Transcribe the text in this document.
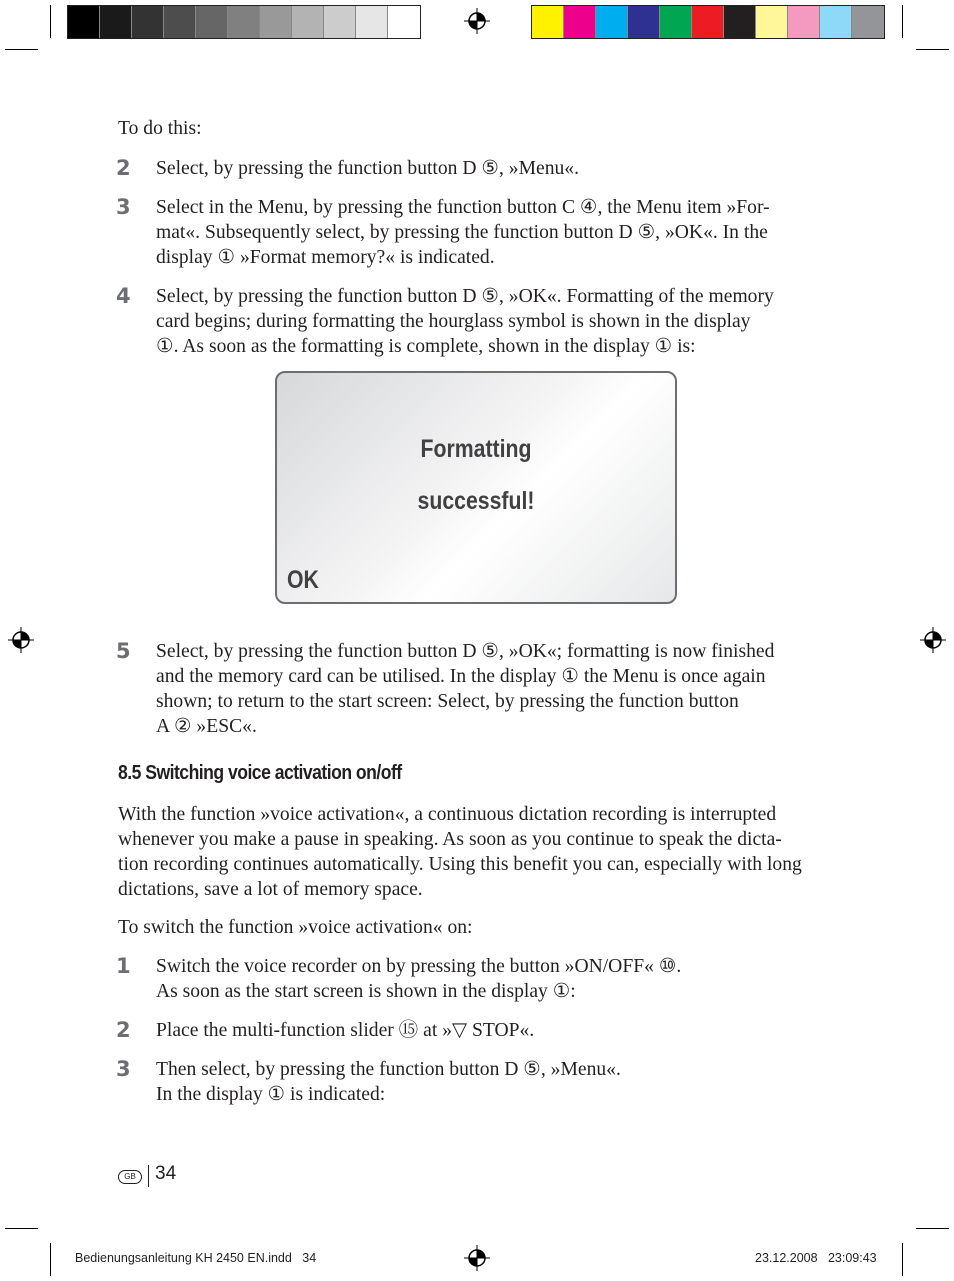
To do this:

2 Select, by pressing the function button D ⑤, »Menu«.

3 Select in the Menu, by pressing the function button C ④, the Menu item »For-
mat«. Subsequently select, by pressing the function button D ⑤, »OK«. In the
display ① »Format memory?« is indicated.

4 Select, by pressing the function button D ⑤, »OK«. Formatting of the memory
card begins; during formatting the hourglass symbol is shown in the display
①. As soon as the formatting is complete, shown in the display ① is:

Formatting
successful!
OK
5 Select, by pressing the function button D ⑤, »OK«; formatting is now finished
and the memory card can be utilised. In the display ① the Menu is once again
shown; to return to the start screen: Select, by pressing the function button
A ② »ESC«.

8.5 Switching voice activation on/off

With the function »voice activation«, a continuous dictation recording is interrupted
whenever you make a pause in speaking. As soon as you continue to speak the dicta-
tion recording continues automatically. Using this benefit you can, especially with long
dictations, save a lot of memory space.

To switch the function »voice activation« on:

1 Switch the voice recorder on by pressing the button »ON/OFF« ⑩.
As soon as the start screen is shown in the display ①:

2 Place the multi-function slider ⑮ at »▽ STOP«.

3 Then select, by pressing the function button D ⑤, »Menu«.
In the display ① is indicated:

GB	34
Bedienungsanleitung KH 2450 EN.indd   34	23.12.2008   23:09:43
